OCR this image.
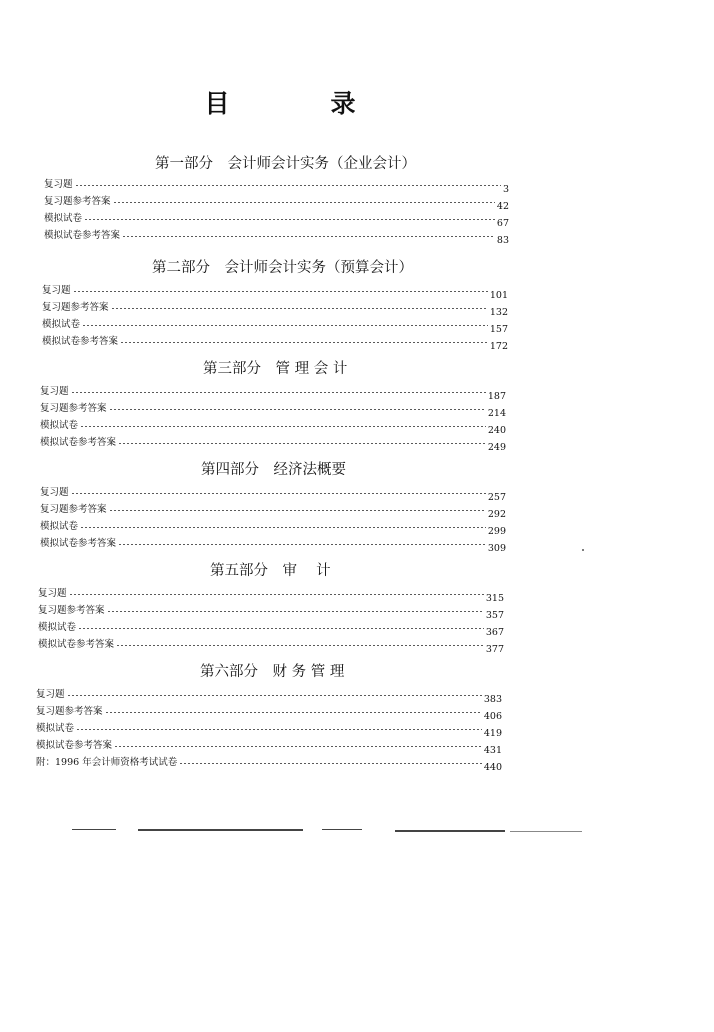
目　录
第一部分　会计师会计实务（企业会计）
复习题	3
复习题参考答案	42
模拟试卷	67
模拟试卷参考答案	83
第二部分　会计师会计实务（预算会计）
复习题	101
复习题参考答案	132
模拟试卷	157
模拟试卷参考答案	172
第三部分　管 理 会 计
复习题	187
复习题参考答案	214
模拟试卷	240
模拟试卷参考答案	249
第四部分　经济法概要
复习题	257
复习题参考答案	292
模拟试卷	299
模拟试卷参考答案	309
第五部分　审　 计
复习题	315
复习题参考答案	357
模拟试卷	367
模拟试卷参考答案	377
第六部分　财 务 管 理
复习题	383
复习题参考答案	406
模拟试卷	419
模拟试卷参考答案	431
附：1996 年会计师资格考试试卷	440
